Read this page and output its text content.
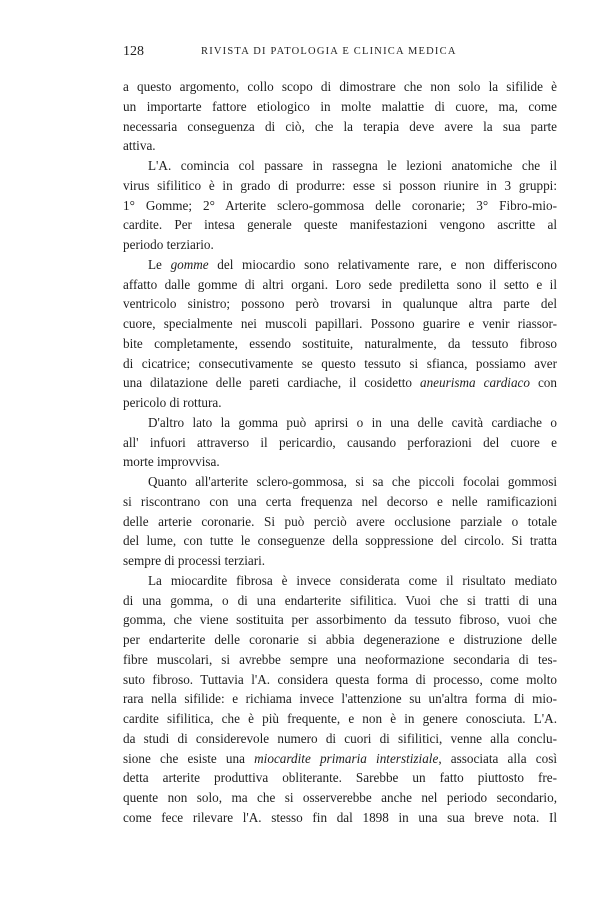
128	RIVISTA DI PATOLOGIA E CLINICA MEDICA
a questo argomento, collo scopo di dimostrare che non solo la sifilide è
un importarte fattore etiologico in molte malattie di cuore, ma, come
necessaria conseguenza di ciò, che la terapia deve avere la sua parte
attiva.
L'A. comincia col passare in rassegna le lezioni anatomiche che il
virus sifilitico è in grado di produrre: esse si posson riunire in 3 gruppi:
1° Gomme; 2° Arterite sclero-gommosa delle coronarie; 3° Fibro-mio-
cardite. Per intesa generale queste manifestazioni vengono ascritte al
periodo terziario.
Le gomme del miocardio sono relativamente rare, e non differiscono
affatto dalle gomme di altri organi. Loro sede prediletta sono il setto e il
ventricolo sinistro; possono però trovarsi in qualunque altra parte del
cuore, specialmente nei muscoli papillari. Possono guarire e venir riassor-
bite completamente, essendo sostituite, naturalmente, da tessuto fibroso
di cicatrice; consecutivamente se questo tessuto si sfianca, possiamo aver
una dilatazione delle pareti cardiache, il cosidetto aneurisma cardiaco con
pericolo di rottura.
D'altro lato la gomma può aprirsi o in una delle cavità cardiache o
all' infuori attraverso il pericardio, causando perforazioni del cuore e
morte improvvisa.
Quanto all'arterite sclero-gommosa, si sa che piccoli focolai gommosi
si riscontrano con una certa frequenza nel decorso e nelle ramificazioni
delle arterie coronarie. Si può perciò avere occlusione parziale o totale
del lume, con tutte le conseguenze della soppressione del circolo. Si tratta
sempre di processi terziari.
La miocardite fibrosa è invece considerata come il risultato mediato
di una gomma, o di una endarterite sifilitica. Vuoi che si tratti di una
gomma, che viene sostituita per assorbimento da tessuto fibroso, vuoi che
per endarterite delle coronarie si abbia degenerazione e distruzione delle
fibre muscolari, si avrebbe sempre una neoformazione secondaria di tes-
suto fibroso. Tuttavia l'A. considera questa forma di processo, come molto
rara nella sifilide: e richiama invece l'attenzione su un'altra forma di mio-
cardite sifilitica, che è più frequente, e non è in genere conosciuta. L'A.
da studi di considerevole numero di cuori di sifilitici, venne alla conclu-
sione che esiste una miocardite primaria interstiziale, associata alla così
detta arterite produttiva obliterante. Sarebbe un fatto piuttosto fre-
quente non solo, ma che si osserverebbe anche nel periodo secondario,
come fece rilevare l'A. stesso fin dal 1898 in una sua breve nota. Il
